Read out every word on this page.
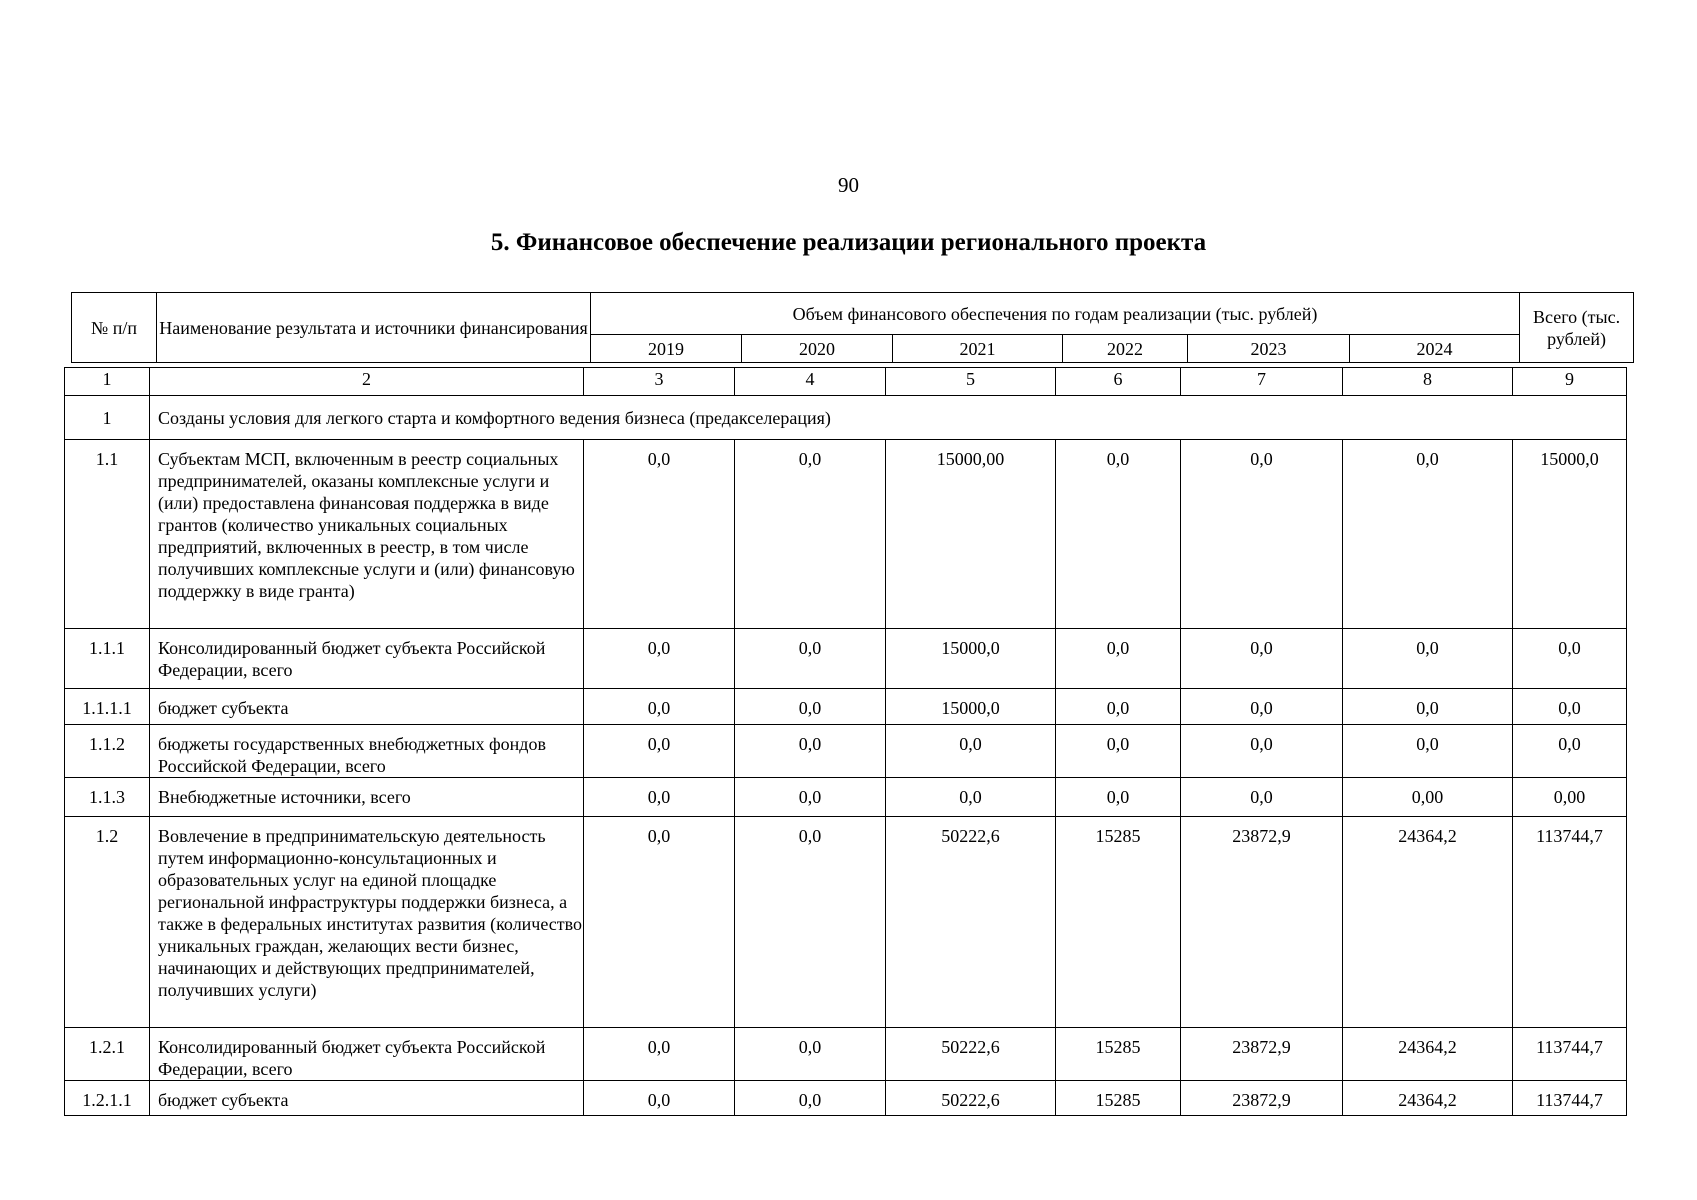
90
5. Финансовое обеспечение реализации регионального проекта
№ п/п	Наименование результата и источники финансирования	Объем финансового обеспечения по годам реализации (тыс. рублей)						Всего (тыс. рублей)
		2019	2020	2021	2022	2023	2024	
1	2	3	4	5	6	7	8	9
1	Созданы условия для легкого старта и комфортного ведения бизнеса (предакселерация)							
1.1	Субъектам МСП, включенным в реестр социальных предпринимателей, оказаны комплексные услуги и (или) предоставлена финансовая поддержка в виде грантов (количество уникальных социальных предприятий, включенных в реестр, в том числе получивших комплексные услуги и (или) финансовую поддержку в виде гранта)	0,0	0,0	15000,00	0,0	0,0	0,0	15000,0
1.1.1	Консолидированный бюджет субъекта Российской Федерации, всего	0,0	0,0	15000,0	0,0	0,0	0,0	0,0
1.1.1.1	бюджет субъекта	0,0	0,0	15000,0	0,0	0,0	0,0	0,0
1.1.2	бюджеты государственных внебюджетных фондов Российской Федерации, всего	0,0	0,0	0,0	0,0	0,0	0,0	0,0
1.1.3	Внебюджетные источники, всего	0,0	0,0	0,0	0,0	0,0	0,00	0,00
1.2	Вовлечение в предпринимательскую деятельность путем информационно-консультационных и образовательных услуг на единой площадке региональной инфраструктуры поддержки бизнеса, а также в федеральных институтах развития (количество уникальных граждан, желающих вести бизнес, начинающих и действующих предпринимателей, получивших услуги)	0,0	0,0	50222,6	15285	23872,9	24364,2	113744,7
1.2.1	Консолидированный бюджет субъекта Российской Федерации, всего	0,0	0,0	50222,6	15285	23872,9	24364,2	113744,7
1.2.1.1	бюджет субъекта	0,0	0,0	50222,6	15285	23872,9	24364,2	113744,7
